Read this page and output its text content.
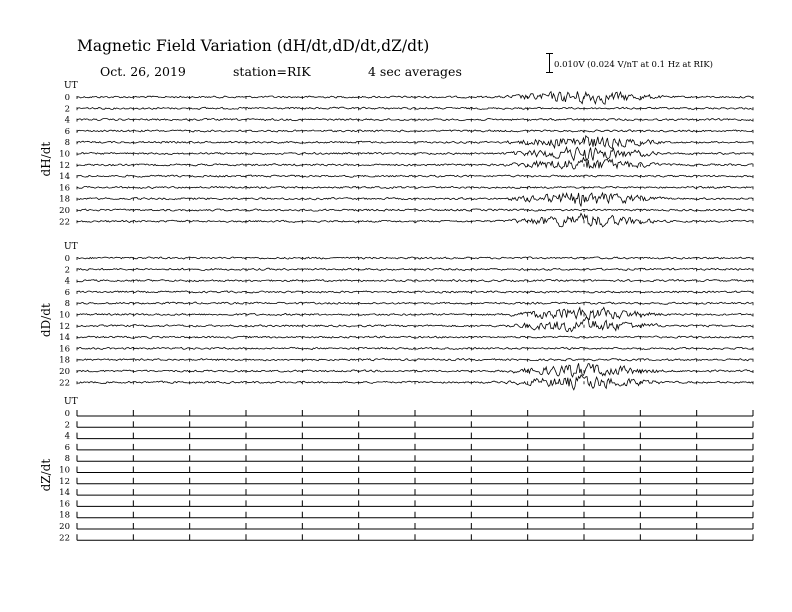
Magnetic Field Variation (dH/dt,dD/dt,dZ/dt)
Oct. 26, 2019	station=RIK	4 sec averages	0.010V (0.024 V/nT at 0.1 Hz at RIK)
UT
dH/dt
0
2
4
6
8
10
12
14
16
18
20
22
UT
dD/dt
0
2
4
6
8
10
12
14
16
18
20
22
UT
dZ/dt
0
2
4
6
8
10
12
14
16
18
20
22
